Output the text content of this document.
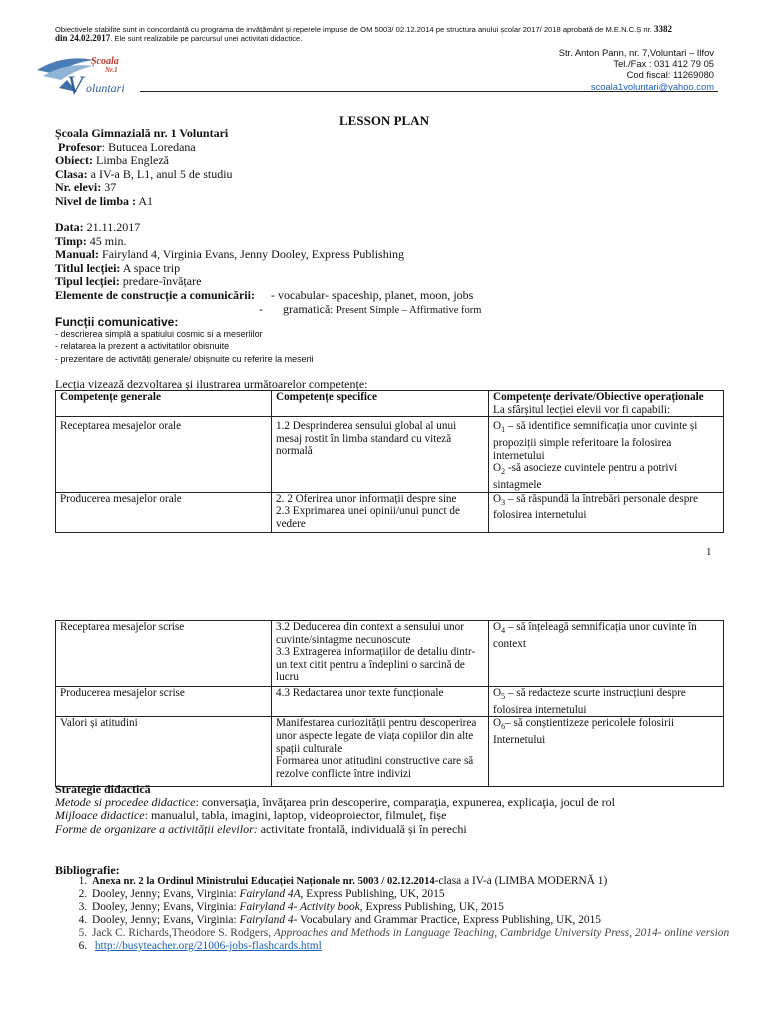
Obiectivele stabilite sunt in concordantă cu programa de invățământ și reperele impuse de OM 5003/ 02.12.2014 pe structura anului școlar 2017/ 2018 aprobată de M.E.N.C.Ș nr. 3382
din 24.02.2017. Ele sunt realizabile pe parcursul unei activitati didactice.
Școala
Nr.1
V oluntari
Str. Anton Pann, nr. 7,Voluntari – Ilfov
Tel./Fax : 031 412 79 05
Cod fiscal: 11269080
scoala1voluntari@yahoo.com
LESSON PLAN
Școala Gimnazială nr. 1 Voluntari
Profesor: Butucea Loredana
Obiect: Limba Engleză
Clasa: a IV-a B, L1, anul 5 de studiu
Nr. elevi: 37
Nivel de limba : A1
Data: 21.11.2017
Timp: 45 min.
Manual: Fairyland 4, Virginia Evans, Jenny Dooley, Express Publishing
Titlul lecției: A space trip
Tipul lecției: predare-învățare
Elemente de construcție a comunicării: - vocabular- spaceship, planet, moon, jobs
- gramatică: Present Simple – Affirmative form
Funcții comunicative:
- descrierea simplă a spatiului cosmic si a meseriilor
- relatarea la prezent a activitatilor obisnuite
- prezentare de activități generale/ obișnuite cu referire la meserii
Lecția vizează dezvoltarea și ilustrarea următoarelor competențe:
Competențe generale	Competențe specifice	Competențe derivate/Obiective operaționale
La sfârșitul lecției elevii vor fi capabili:
Receptarea mesajelor orale	1.2 Desprinderea sensului global al unui mesaj rostit în limba standard cu viteză normală	$O_1$ – să identifice semnificația unor cuvinte și propoziții simple referitoare la folosirea internetului
$O_2$ -să asocieze cuvintele pentru a potrivi sintagmele

Producerea mesajelor orale	2. 2 Oferirea unor informații despre sine
2.3 Exprimarea unei opinii/unui punct de vedere	$O_3$ – să răspundă la întrebări personale despre folosirea internetului
1
Receptarea mesajelor scrise	3.2 Deducerea din context a sensului unor cuvinte/sintagme necunoscute
3.3 Extragerea informațiilor de detaliu dintr-un text citit pentru a îndeplini o sarcină de lucru	$O_4$ – să înțeleagă semnificația unor cuvinte în context
Producerea mesajelor scrise	4.3 Redactarea unor texte funcționale	$O_5$ – să redacteze scurte instrucțiuni despre folosirea internetului
Valori și atitudini	Manifestarea curiozității pentru descoperirea unor aspecte legate de viața copiilor din alte spații culturale
Formarea unor atitudini constructive care să rezolve conflicte între indivizi	$O_6-$ să conștientizeze pericolele folosirii Internetului
Strategie didactică
Metode si procedee didactice: conversaţia, învăţarea prin descoperire, comparaţia, expunerea, explicaţia, jocul de rol
Mijloace didactice: manualul, tabla, imagini, laptop, videoproiector, filmuleț, fișe
Forme de organizare a activității elevilor: activitate frontală, individuală și în perechi
Bibliografie:
1. Anexa nr. 2 la Ordinul Ministrului Educației Naționale nr. 5003 / 02.12.2014-clasa a IV-a (LIMBA MODERNĂ 1)
2. Dooley, Jenny; Evans, Virginia: Fairyland 4A, Express Publishing, UK, 2015
3. Dooley, Jenny; Evans, Virginia: Fairyland 4- Activity book, Express Publishing, UK, 2015
4. Dooley, Jenny; Evans, Virginia: Fairyland 4- Vocabulary and Grammar Practice, Express Publishing, UK, 2015
5. Jack C. Richards,Theodore S. Rodgers, Approaches and Methods in Language Teaching, Cambridge University Press, 2014- online version
6. http://busyteacher.org/21006-jobs-flashcards.html
